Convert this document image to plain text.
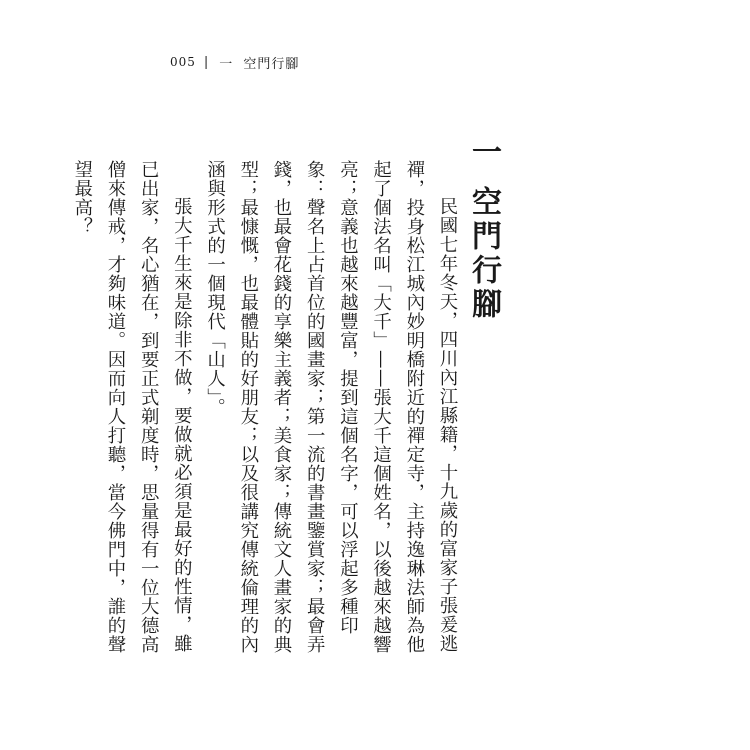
005 | 一 空門行腳
一空門行腳

民國七年冬天，四川內江縣籍，十九歲的富家子張爰逃禪，投身松江城內妙明橋附近的禪定寺，主持逸琳法師為他起了個法名叫「大千」——張大千這個姓名，以後越來越響亮；意義也越來越豐富，提到這個名字，可以浮起多種印象：聲名上占首位的國畫家；第一流的書畫鑒賞家；最會弄錢，也最會花錢的享樂主義者；美食家；傳統文人畫家的典型；最慷慨，也最體貼的好朋友；以及很講究傳統倫理的內涵與形式的一個現代「山人」。

張大千生來是除非不做，要做就必須是最好的性情，雖已出家，名心猶在，到要正式剃度時，思量得有一位大德高僧來傳戒，才夠味道。因而向人打聽，當今佛門中，誰的聲望最高？
